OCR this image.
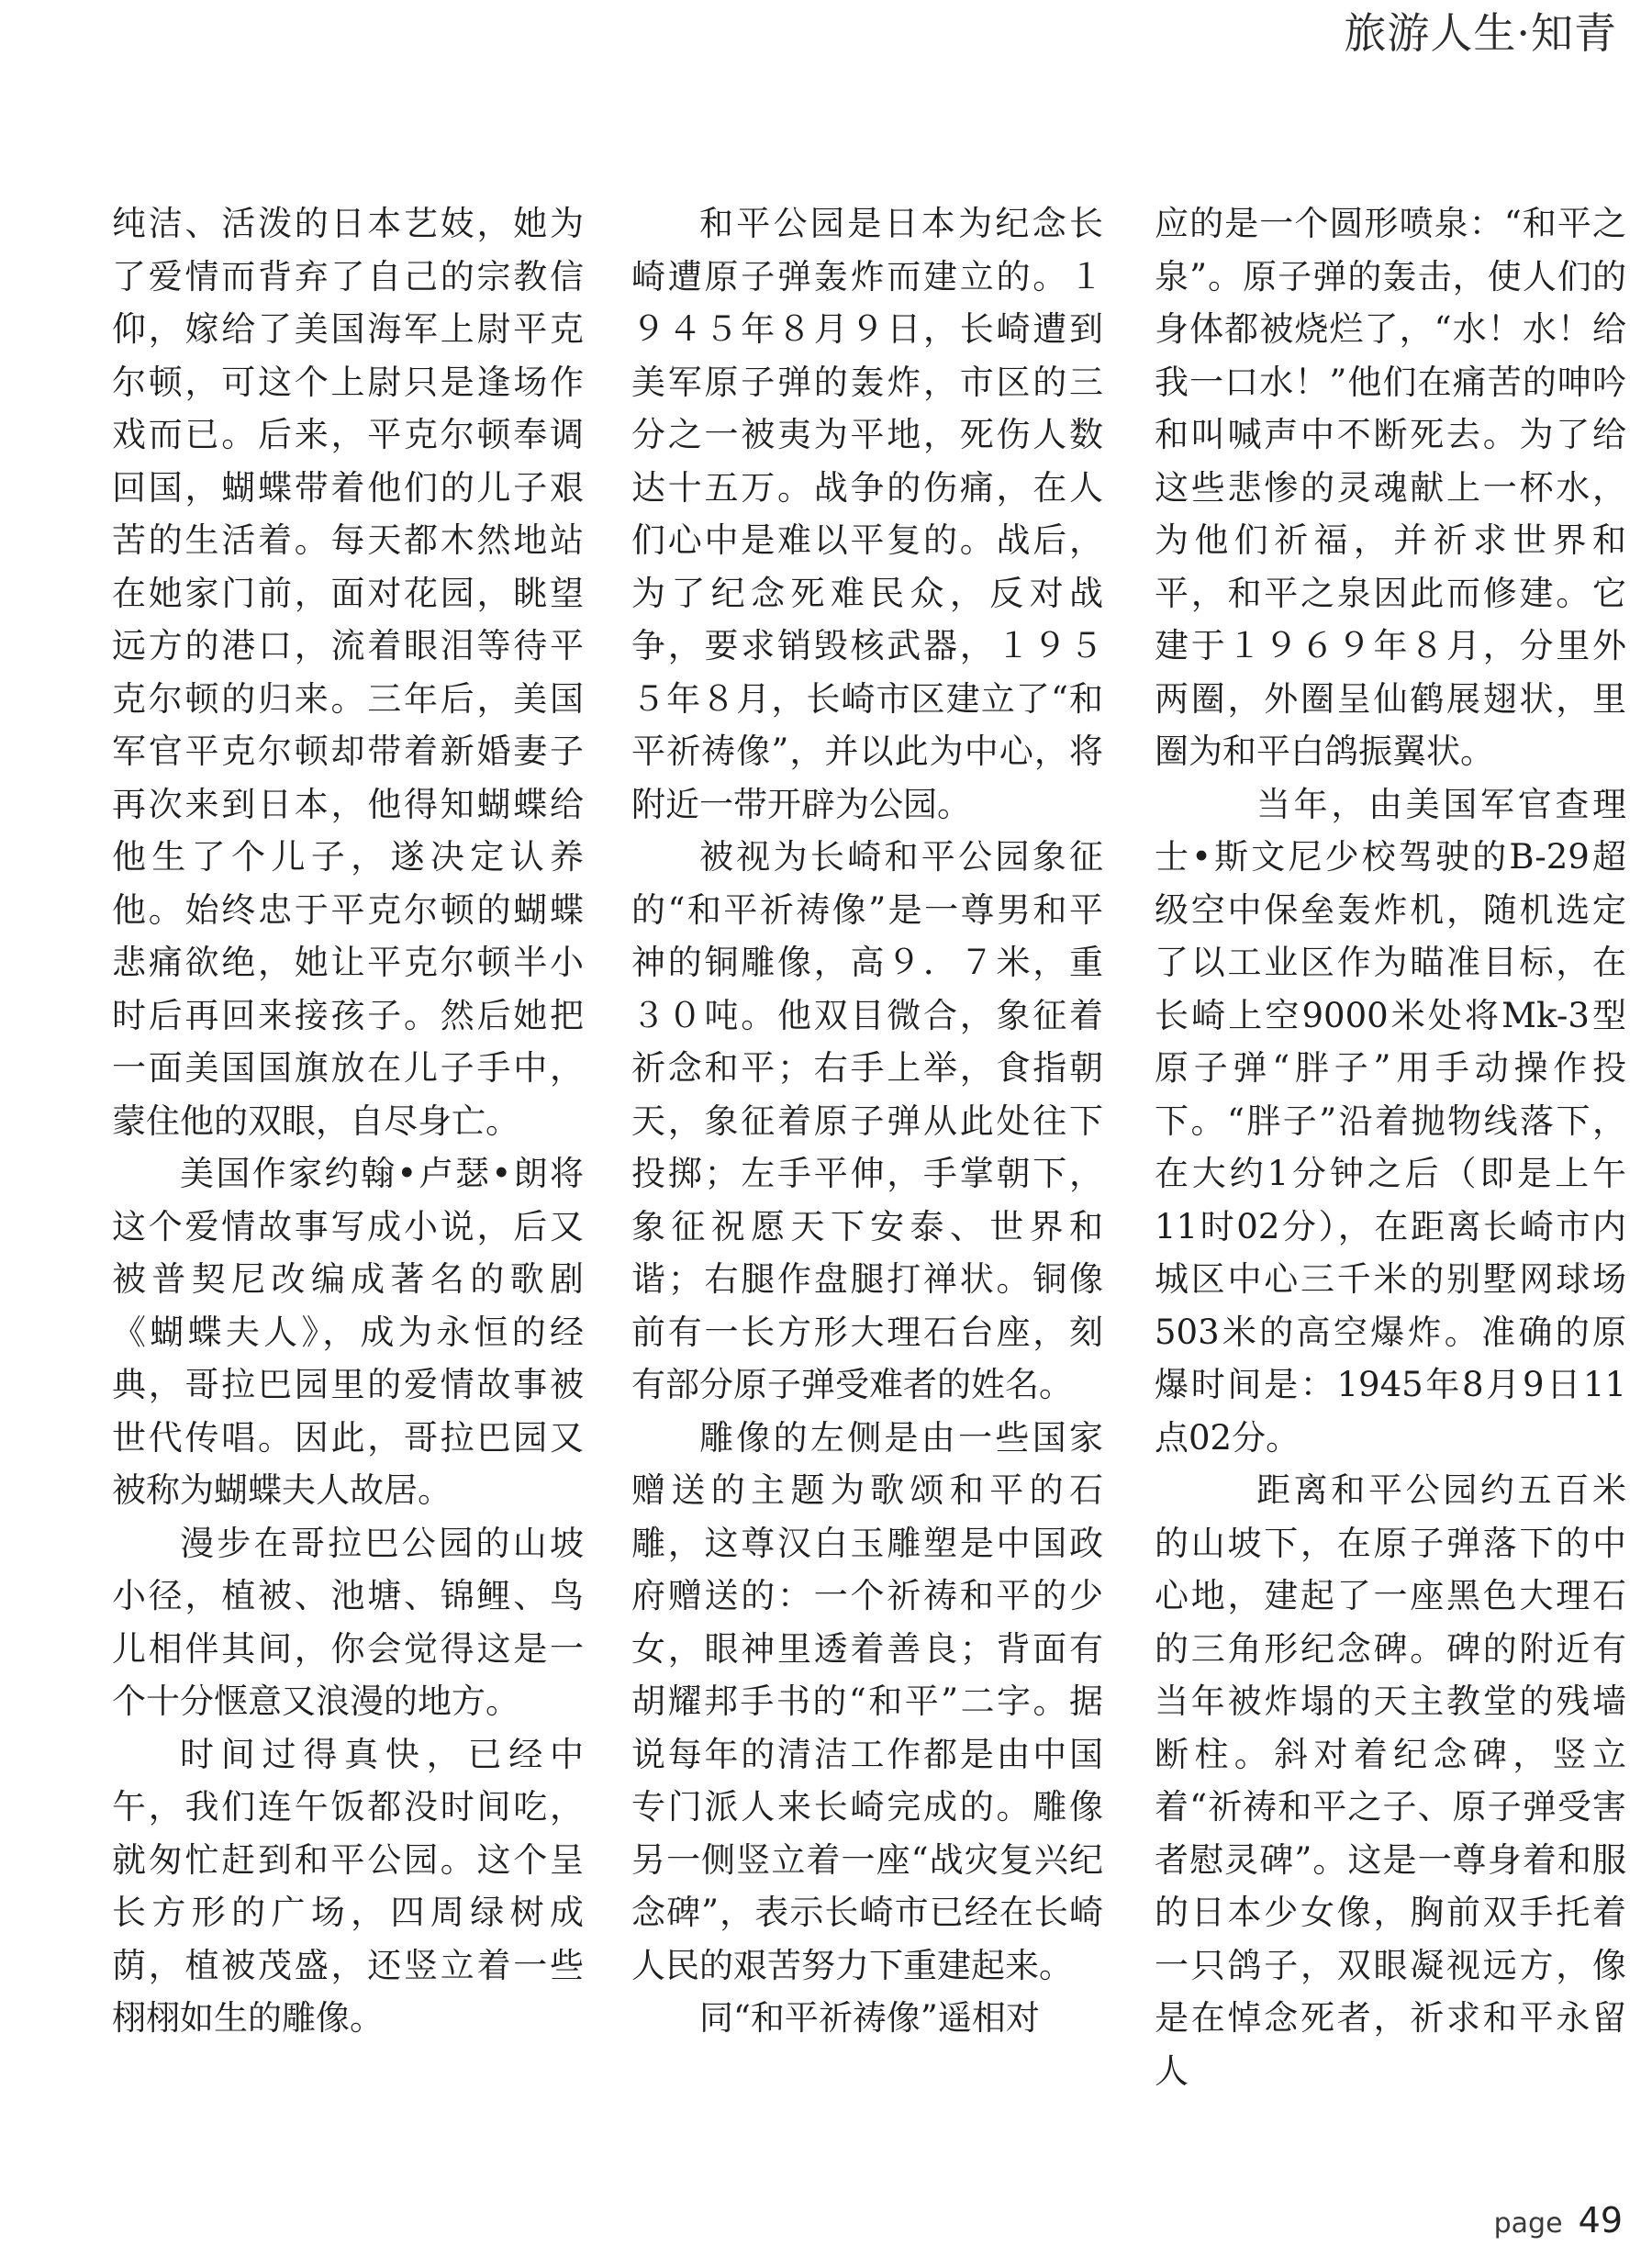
旅游人生·知青

纯洁、活泼的日本艺妓，她为了爱情而背弃了自己的宗教信仰，嫁给了美国海军上尉平克尔顿，可这个上尉只是逢场作戏而已。后来，平克尔顿奉调回国，蝴蝶带着他们的儿子艰苦的生活着。每天都木然地站在她家门前，面对花园，眺望远方的港口，流着眼泪等待平克尔顿的归来。三年后，美国军官平克尔顿却带着新婚妻子再次来到日本，他得知蝴蝶给他生了个儿子，遂决定认养他。始终忠于平克尔顿的蝴蝶悲痛欲绝，她让平克尔顿半小时后再回来接孩子。然后她把一面美国国旗放在儿子手中，蒙住他的双眼，自尽身亡。

美国作家约翰•卢瑟•朗将这个爱情故事写成小说，后又被普契尼改编成著名的歌剧《蝴蝶夫人》，成为永恒的经典，哥拉巴园里的爱情故事被世代传唱。因此，哥拉巴园又被称为蝴蝶夫人故居。

漫步在哥拉巴公园的山坡小径，植被、池塘、锦鲤、鸟儿相伴其间，你会觉得这是一个十分惬意又浪漫的地方。

时间过得真快，已经中午，我们连午饭都没时间吃，就匆忙赶到和平公园。这个呈长方形的广场，四周绿树成荫，植被茂盛，还竖立着一些栩栩如生的雕像。

和平公园是日本为纪念长崎遭原子弹轰炸而建立的。１９４５年８月９日，长崎遭到美军原子弹的轰炸，市区的三分之一被夷为平地，死伤人数达十五万。战争的伤痛，在人们心中是难以平复的。战后，为了纪念死难民众，反对战争，要求销毁核武器，１９５５年８月，长崎市区建立了“和平祈祷像”，并以此为中心，将附近一带开辟为公园。

被视为长崎和平公园象征的“和平祈祷像”是一尊男和平神的铜雕像，高９．７米，重３０吨。他双目微合，象征着祈念和平；右手上举，食指朝天，象征着原子弹从此处往下投掷；左手平伸，手掌朝下，象征祝愿天下安泰、世界和谐；右腿作盘腿打禅状。铜像前有一长方形大理石台座，刻有部分原子弹受难者的姓名。

雕像的左侧是由一些国家赠送的主题为歌颂和平的石雕，这尊汉白玉雕塑是中国政府赠送的：一个祈祷和平的少女，眼神里透着善良；背面有胡耀邦手书的“和平”二字。据说每年的清洁工作都是由中国专门派人来长崎完成的。雕像另一侧竖立着一座“战灾复兴纪念碑”，表示长崎市已经在长崎人民的艰苦努力下重建起来。

同“和平祈祷像”遥相对

应的是一个圆形喷泉：“和平之泉”。原子弹的轰击，使人们的身体都被烧烂了，“水！水！给我一口水！”他们在痛苦的呻吟和叫喊声中不断死去。为了给这些悲惨的灵魂献上一杯水，为他们祈福，并祈求世界和平，和平之泉因此而修建。它建于１９６９年８月，分里外两圈，外圈呈仙鹤展翅状，里圈为和平白鸽振翼状。

当年，由美国军官查理士•斯文尼少校驾驶的B-29超级空中保垒轰炸机，随机选定了以工业区作为瞄准目标，在长崎上空9000米处将Mk-3型原子弹“胖子”用手动操作投下。“胖子”沿着抛物线落下，在大约1分钟之后（即是上午11时02分），在距离长崎市内城区中心三千米的别墅网球场503米的高空爆炸。准确的原爆时间是：1945年8月9日11点02分。

距离和平公园约五百米的山坡下，在原子弹落下的中心地，建起了一座黑色大理石的三角形纪念碑。碑的附近有当年被炸塌的天主教堂的残墙断柱。斜对着纪念碑，竖立着“祈祷和平之子、原子弹受害者慰灵碑”。这是一尊身着和服的日本少女像，胸前双手托着一只鸽子，双眼凝视远方，像是在悼念死者，祈求和平永留人

page 49
